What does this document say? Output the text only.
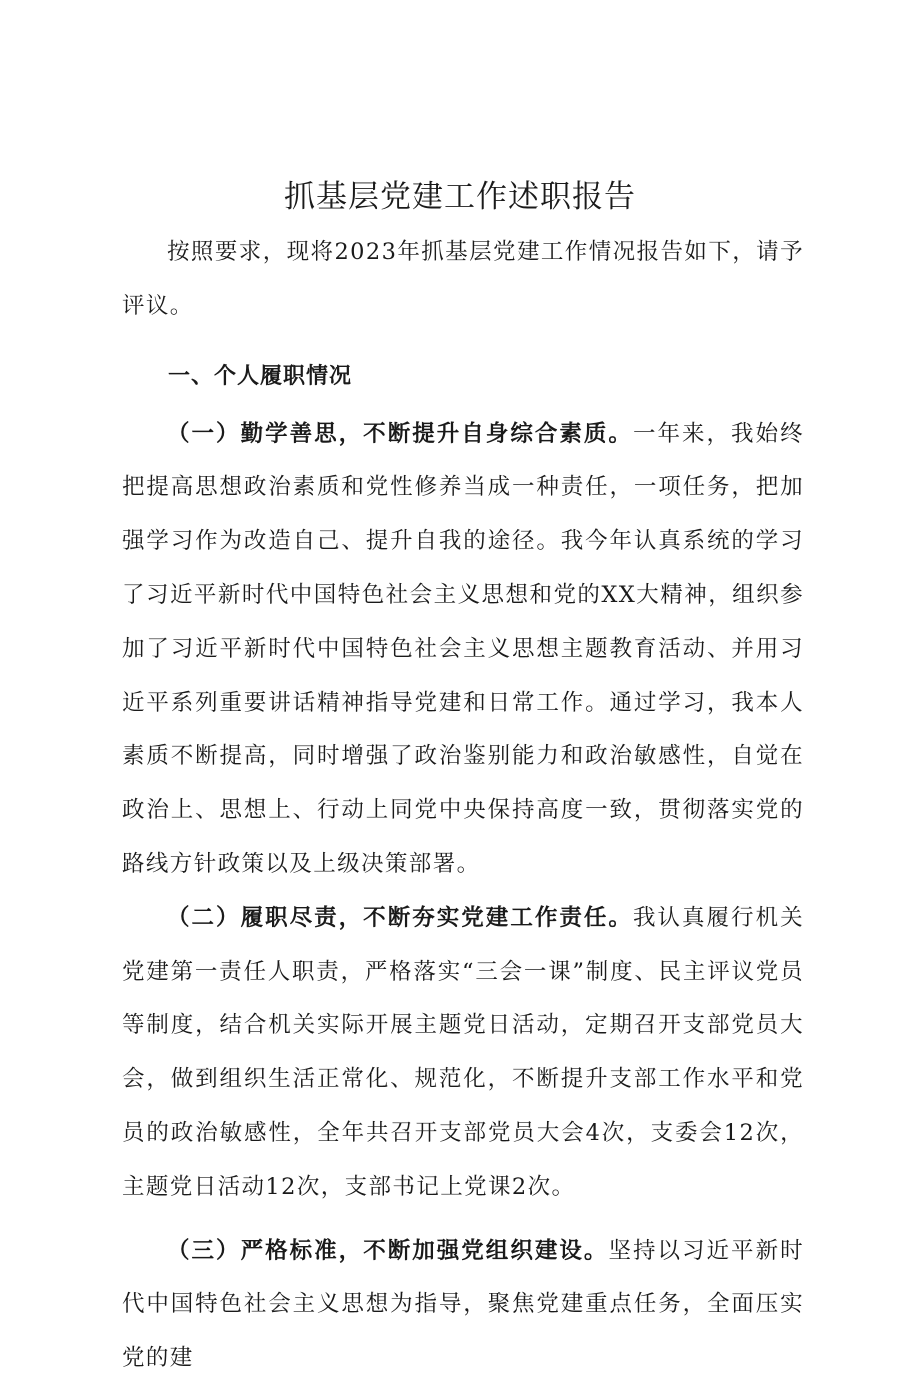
抓基层党建工作述职报告

按照要求，现将2023年抓基层党建工作情况报告如下，请予评议。

一、个人履职情况

（一）勤学善思，不断提升自身综合素质。一年来，我始终把提高思想政治素质和党性修养当成一种责任，一项任务，把加强学习作为改造自己、提升自我的途径。我今年认真系统的学习了习近平新时代中国特色社会主义思想和党的XX大精神，组织参加了习近平新时代中国特色社会主义思想主题教育活动、并用习近平系列重要讲话精神指导党建和日常工作。通过学习，我本人素质不断提高，同时增强了政治鉴别能力和政治敏感性，自觉在政治上、思想上、行动上同党中央保持高度一致，贯彻落实党的路线方针政策以及上级决策部署。

（二）履职尽责，不断夯实党建工作责任。我认真履行机关党建第一责任人职责，严格落实“三会一课”制度、民主评议党员等制度，结合机关实际开展主题党日活动，定期召开支部党员大会，做到组织生活正常化、规范化，不断提升支部工作水平和党员的政治敏感性，全年共召开支部党员大会4次，支委会12次，主题党日活动12次，支部书记上党课2次。

（三）严格标准，不断加强党组织建设。坚持以习近平新时代中国特色社会主义思想为指导，聚焦党建重点任务，全面压实党的建
